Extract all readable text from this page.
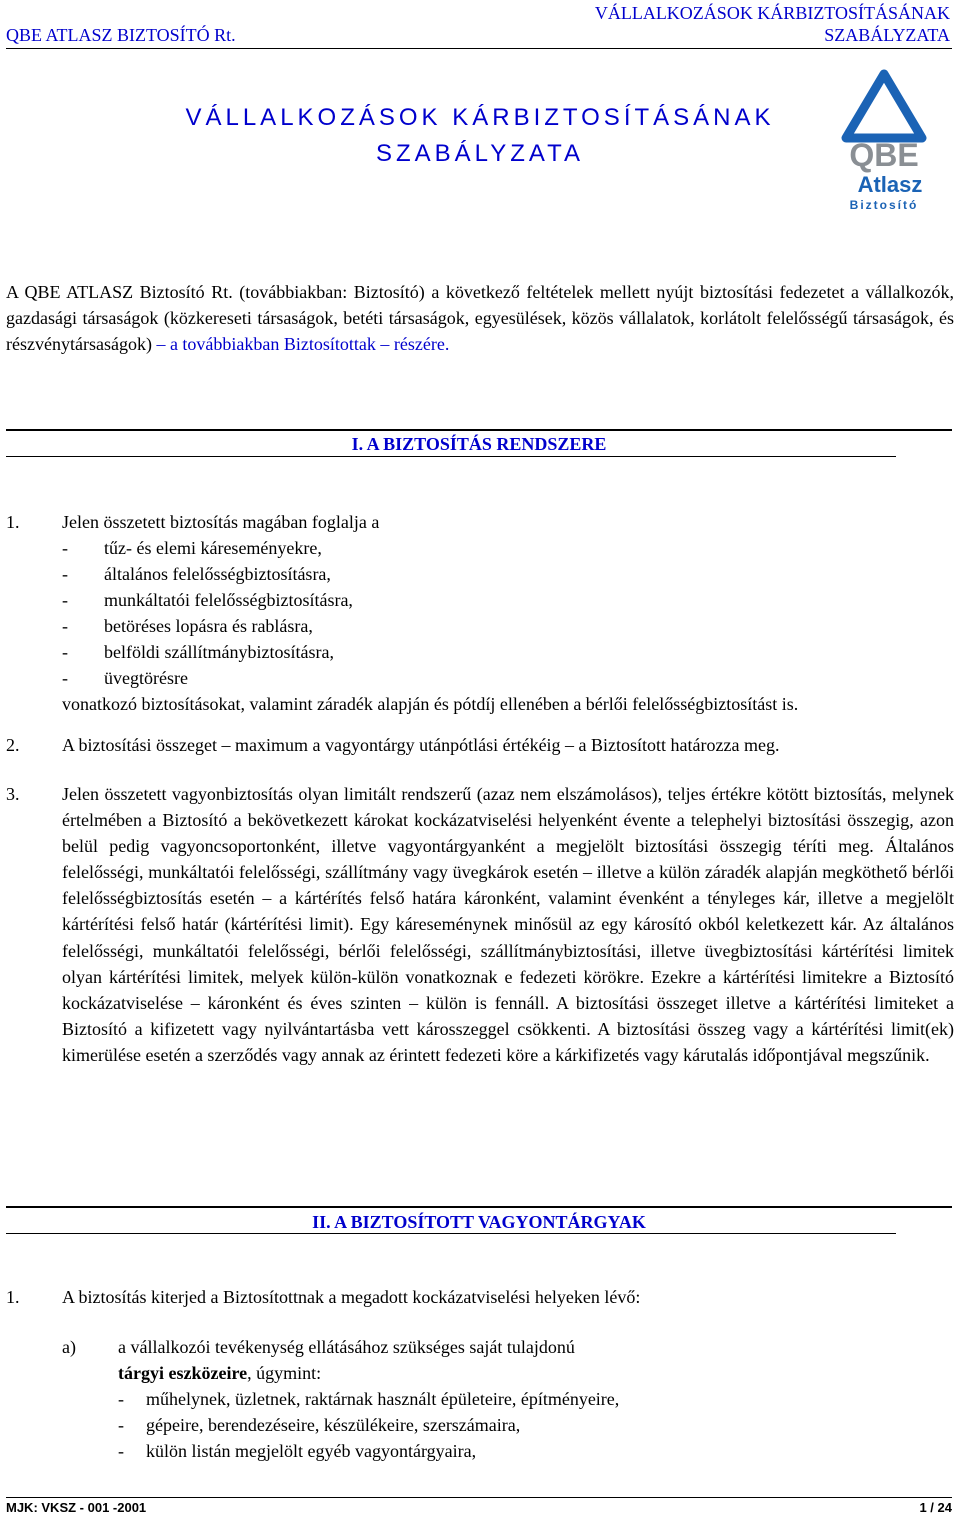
QBE ATLASZ BIZTOSÍTÓ Rt.
VÁLLALKOZÁSOK KÁRBIZTOSÍTÁSÁNAK
SZABÁLYZATA
VÁLLALKOZÁSOK KÁRBIZTOSÍTÁSÁNAK
SZABÁLYZATA	QBE
Atlasz
Biztosító
A QBE ATLASZ Biztosító Rt. (továbbiakban: Biztosító) a következő feltételek mellett nyújt biztosítási fedezetet a vállalkozók, gazdasági társaságok (közkereseti társaságok, betéti társaságok, egyesülések, közös vállalatok, korlátolt felelősségű társaságok, és részvénytársaságok) – a továbbiakban Biztosítottak – részére.
I. A BIZTOSÍTÁS RENDSZERE
1. Jelen összetett biztosítás magában foglalja a
- tűz- és elemi káreseményekre,
- általános felelősségbiztosításra,
- munkáltatói felelősségbiztosításra,
- betöréses lopásra és rablásra,
- belföldi szállítmánybiztosításra,
- üvegtörésre
vonatkozó biztosításokat, valamint záradék alapján és pótdíj ellenében a bérlői felelősségbiztosítást is.
2. A biztosítási összeget – maximum a vagyontárgy utánpótlási értékéig – a Biztosított határozza meg.
3. Jelen összetett vagyonbiztosítás olyan limitált rendszerű (azaz nem elszámolásos), teljes értékre kötött biztosítás, melynek értelmében a Biztosító a bekövetkezett károkat kockázatviselési helyenként évente a telephelyi biztosítási összegig, azon belül pedig vagyoncsoportonként, illetve vagyontárgyanként a megjelölt biztosítási összegig téríti meg. Általános felelősségi, munkáltatói felelősségi, szállítmány vagy üvegkárok esetén – illetve a külön záradék alapján megköthető bérlői felelősségbiztosítás esetén – a kártérítés felső határa káronként, valamint évenként a tényleges kár, illetve a megjelölt kártérítési felső határ (kártérítési limit). Egy káreseménynek minősül az egy károsító okból keletkezett kár. Az általános felelősségi, munkáltatói felelősségi, bérlői felelősségi, szállítmánybiztosítási, illetve üvegbiztosítási kártérítési limitek olyan kártérítési limitek, melyek külön-külön vonatkoznak e fedezeti körökre. Ezekre a kártérítési limitekre a Biztosító kockázatviselése – káronként és éves szinten – külön is fennáll. A biztosítási összeget illetve a kártérítési limiteket a Biztosító a kifizetett vagy nyilvántartásba vett károsszeggel csökkenti. A biztosítási összeg vagy a kártérítési limit(ek) kimerülése esetén a szerződés vagy annak az érintett fedezeti köre a kárkifizetés vagy kárutalás időpontjával megszűnik.
II. A BIZTOSÍTOTT VAGYONTÁRGYAK
1. A biztosítás kiterjed a Biztosítottnak a megadott kockázatviselési helyeken lévő:
a) a vállalkozói tevékenység ellátásához szükséges saját tulajdonú
tárgyi eszközeire, úgymint:
- műhelynek, üzletnek, raktárnak használt épületeire, építményeire,
- gépeire, berendezéseire, készülékeire, szerszámaira,
- külön listán megjelölt egyéb vagyontárgyaira,
MJK: VKSZ - 001 -2001	1 / 24
